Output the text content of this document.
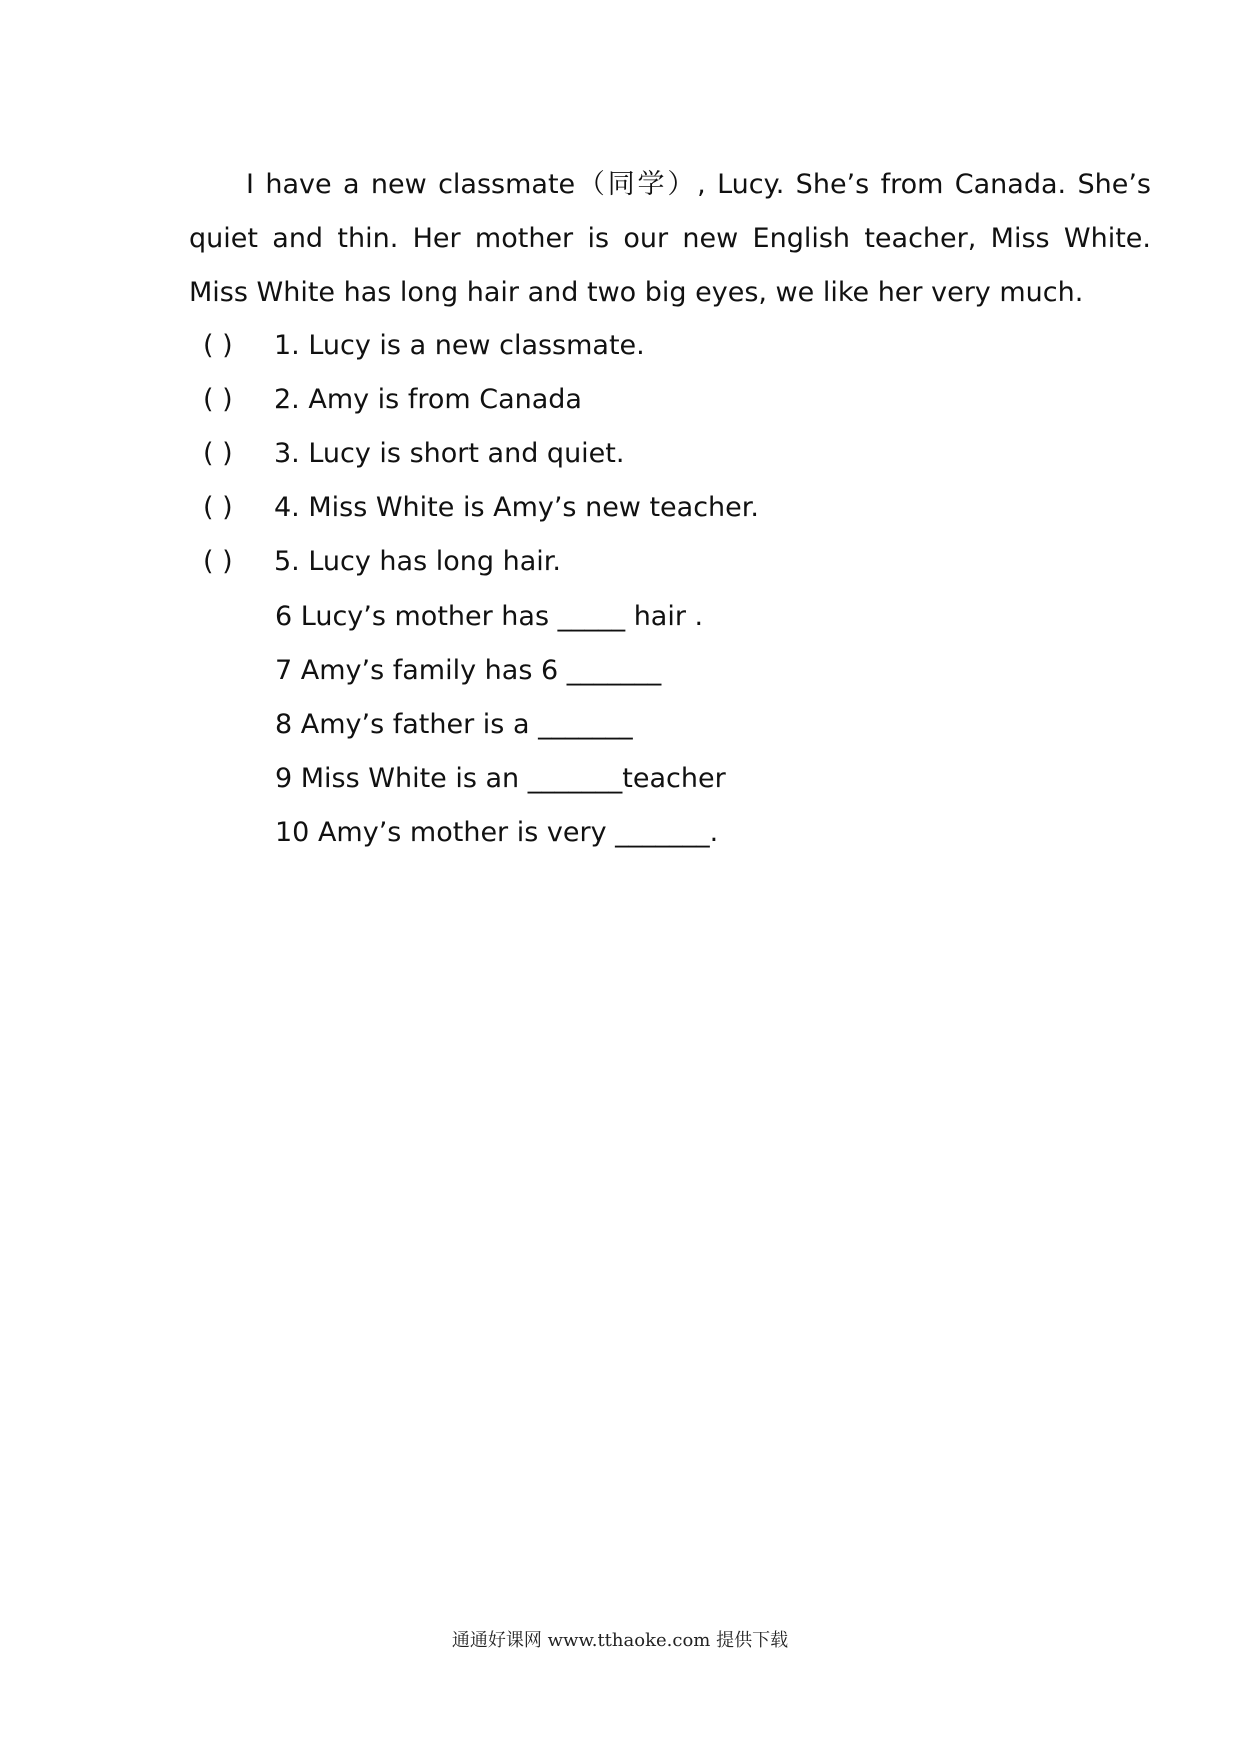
I have a new classmate（同学）, Lucy. She’s from Canada. She’s quiet and thin. Her mother is our new English teacher, Miss White. Miss White has long hair and two big eyes, we like her very much.

( )	1. Lucy is a new classmate.
( )	2. Amy is from Canada
( )	3. Lucy is short and quiet.
( )	4. Miss White is Amy’s new teacher.
( )	5. Lucy has long hair.
6 Lucy’s mother has _____ hair .
7 Amy’s family has 6 _______
8 Amy’s father is a _______
9 Miss White is an _______teacher
10 Amy’s mother is very _______.
通通好课网 www.tthaoke.com 提供下载
